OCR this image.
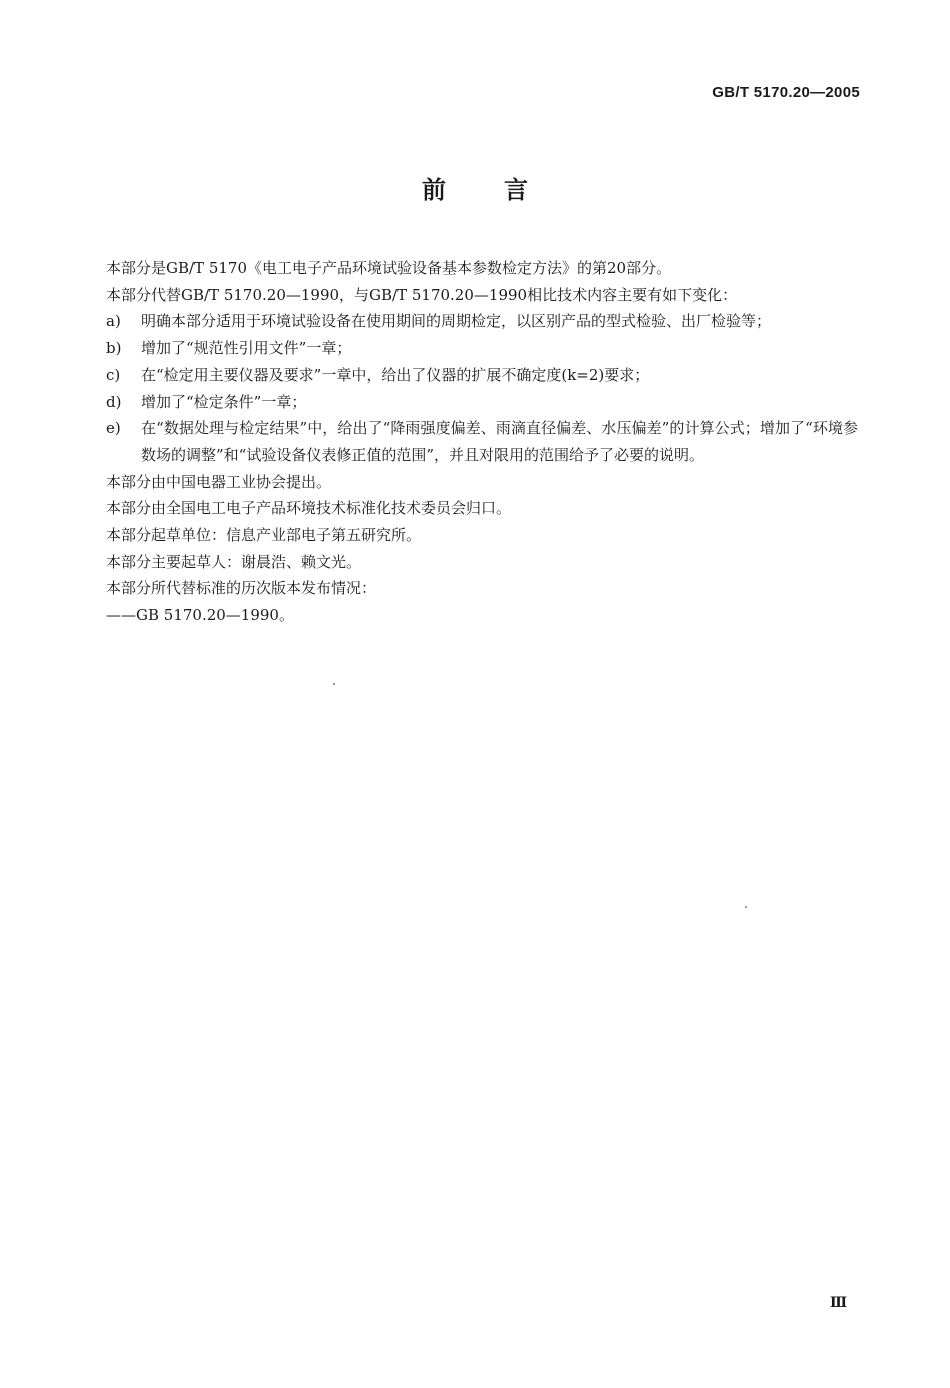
GB/T 5170.20—2005
前言

本部分是GB/T 5170《电工电子产品环境试验设备基本参数检定方法》的第20部分。

本部分代替GB/T 5170.20—1990，与GB/T 5170.20—1990相比技术内容主要有如下变化：

a)	明确本部分适用于环境试验设备在使用期间的周期检定，以区别产品的型式检验、出厂检验等；
b)	增加了“规范性引用文件”一章；
c)	在“检定用主要仪器及要求”一章中，给出了仪器的扩展不确定度(k=2)要求；
d)	增加了“检定条件”一章；
e)	在“数据处理与检定结果”中，给出了“降雨强度偏差、雨滴直径偏差、水压偏差”的计算公式；增加了“环境参数场的调整”和“试验设备仪表修正值的范围”，并且对限用的范围给予了必要的说明。

本部分由中国电器工业协会提出。

本部分由全国电工电子产品环境技术标准化技术委员会归口。

本部分起草单位：信息产业部电子第五研究所。

本部分主要起草人：谢晨浩、赖文光。

本部分所代替标准的历次版本发布情况：

——GB 5170.20—1990。

Ⅲ
